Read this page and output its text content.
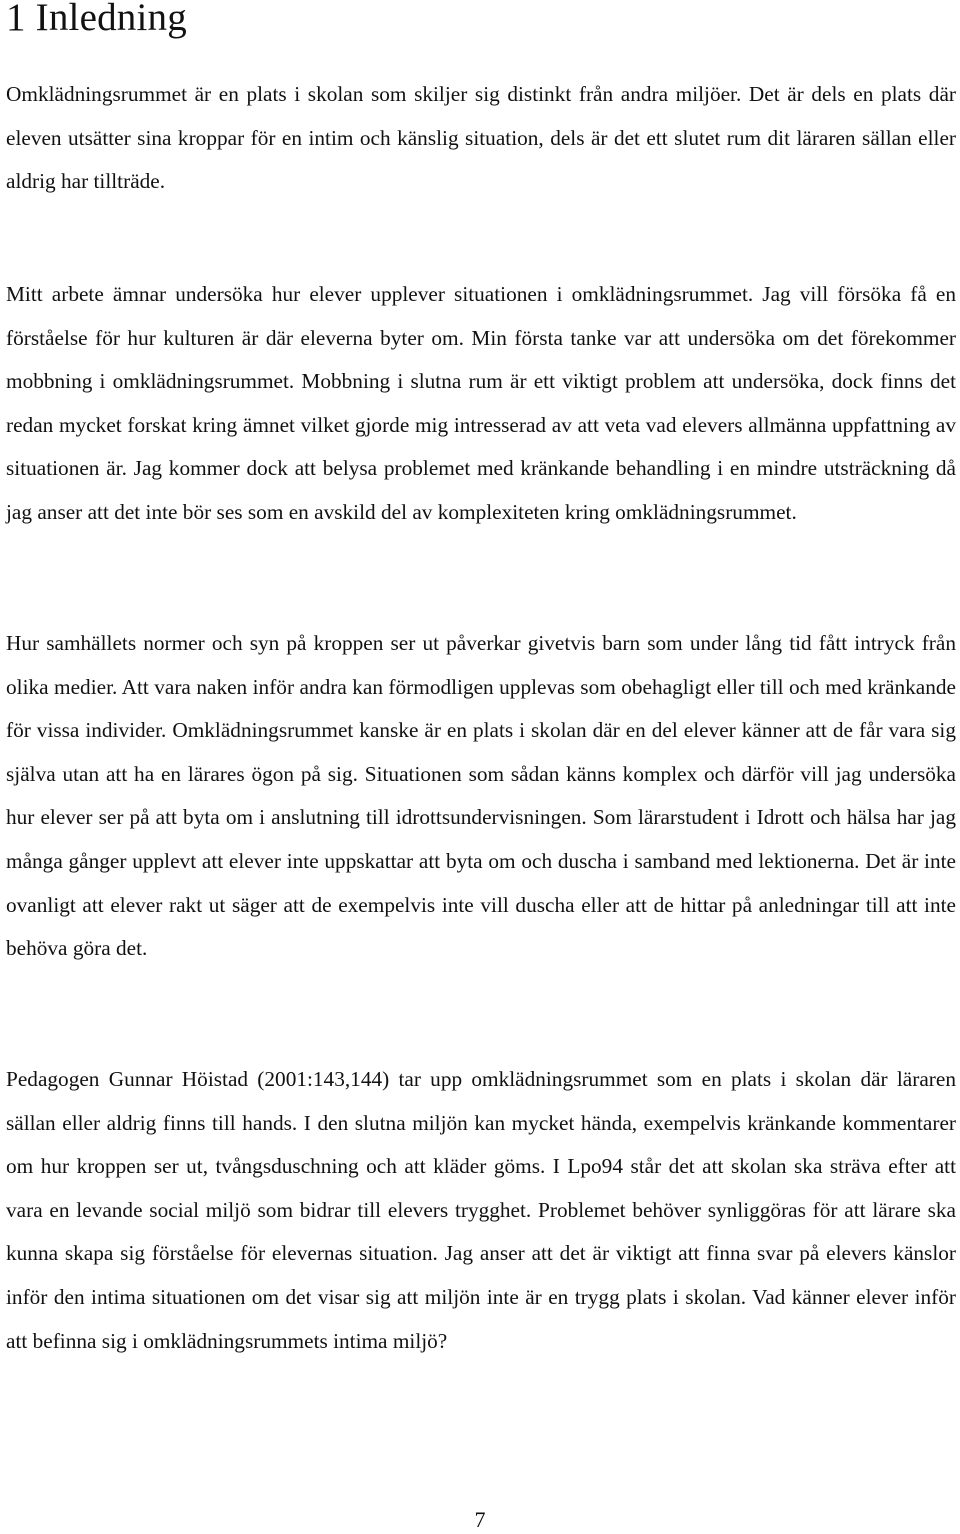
1 Inledning

Omklädningsrummet är en plats i skolan som skiljer sig distinkt från andra miljöer. Det är dels en plats där eleven utsätter sina kroppar för en intim och känslig situation, dels är det ett slutet rum dit läraren sällan eller aldrig har tillträde.

Mitt arbete ämnar undersöka hur elever upplever situationen i omklädningsrummet. Jag vill försöka få en förståelse för hur kulturen är där eleverna byter om. Min första tanke var att undersöka om det förekommer mobbning i omklädningsrummet. Mobbning i slutna rum är ett viktigt problem att undersöka, dock finns det redan mycket forskat kring ämnet vilket gjorde mig intresserad av att veta vad elevers allmänna uppfattning av situationen är. Jag kommer dock att belysa problemet med kränkande behandling i en mindre utsträckning då jag anser att det inte bör ses som en avskild del av komplexiteten kring omklädningsrummet.

Hur samhällets normer och syn på kroppen ser ut påverkar givetvis barn som under lång tid fått intryck från olika medier. Att vara naken inför andra kan förmodligen upplevas som obehagligt eller till och med kränkande för vissa individer. Omklädningsrummet kanske är en plats i skolan där en del elever känner att de får vara sig själva utan att ha en lärares ögon på sig. Situationen som sådan känns komplex och därför vill jag undersöka hur elever ser på att byta om i anslutning till idrottsundervisningen. Som lärarstudent i Idrott och hälsa har jag många gånger upplevt att elever inte uppskattar att byta om och duscha i samband med lektionerna. Det är inte ovanligt att elever rakt ut säger att de exempelvis inte vill duscha eller att de hittar på anledningar till att inte behöva göra det.

Pedagogen Gunnar Höistad (2001:143,144) tar upp omklädningsrummet som en plats i skolan där läraren sällan eller aldrig finns till hands. I den slutna miljön kan mycket hända, exempelvis kränkande kommentarer om hur kroppen ser ut, tvångsduschning och att kläder göms. I Lpo94 står det att skolan ska sträva efter att vara en levande social miljö som bidrar till elevers trygghet. Problemet behöver synliggöras för att lärare ska kunna skapa sig förståelse för elevernas situation. Jag anser att det är viktigt att finna svar på elevers känslor inför den intima situationen om det visar sig att miljön inte är en trygg plats i skolan. Vad känner elever inför att befinna sig i omklädningsrummets intima miljö?

7
